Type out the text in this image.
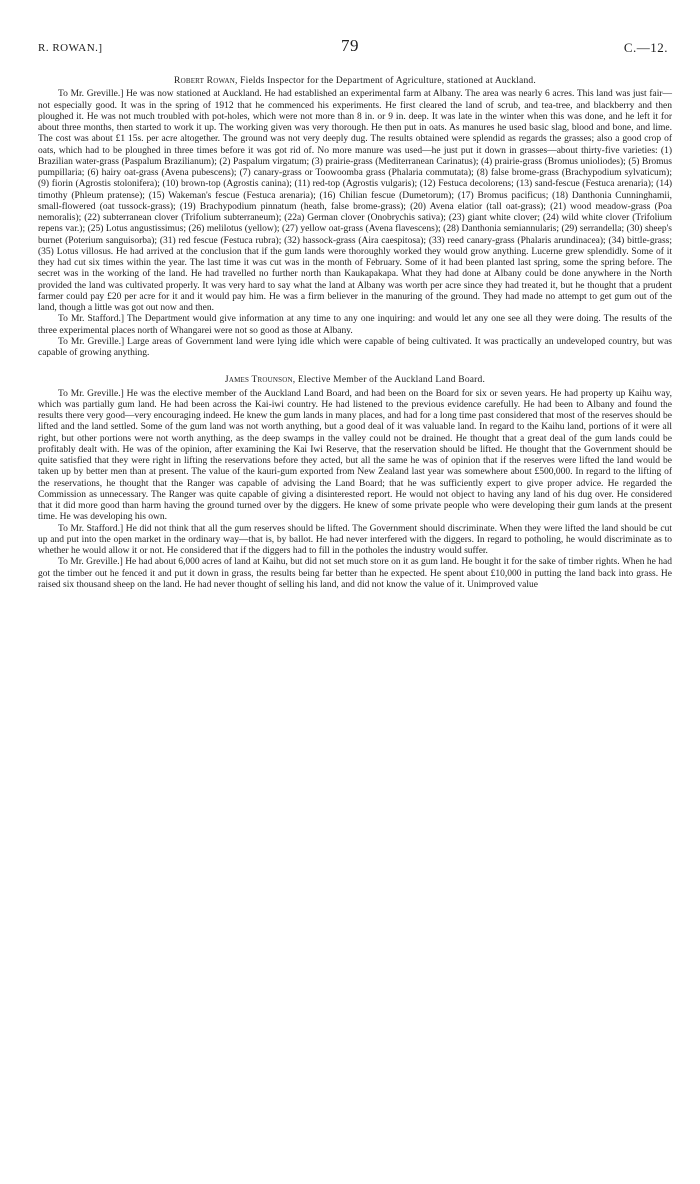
R. ROWAN.]	79	C.—12.
Robert Rowan, Fields Inspector for the Department of Agriculture, stationed at Auckland.

To Mr. Greville.] He was now stationed at Auckland. He had established an experimental farm at Albany. The area was nearly 6 acres. This land was just fair—not especially good. It was in the spring of 1912 that he commenced his experiments. He first cleared the land of scrub, and tea-tree, and blackberry and then ploughed it. He was not much troubled with pot-holes, which were not more than 8 in. or 9 in. deep. It was late in the winter when this was done, and he left it for about three months, then started to work it up. The working given was very thorough. He then put in oats. As manures he used basic slag, blood and bone, and lime. The cost was about £1 15s. per acre altogether. The ground was not very deeply dug. The results obtained were splendid as regards the grasses; also a good crop of oats, which had to be ploughed in three times before it was got rid of. No more manure was used—he just put it down in grasses—about thirty-five varieties: (1) Brazilian water-grass (Paspalum Brazilianum); (2) Paspalum virgatum; (3) prairie-grass (Mediterranean Carinatus); (4) prairie-grass (Bromus unioliodes); (5) Bromus pumpillaria; (6) hairy oat-grass (Avena pubescens); (7) canary-grass or Toowoomba grass (Phalaria commutata); (8) false brome-grass (Brachypodium sylvaticum); (9) fiorin (Agrostis stolonifera); (10) brown-top (Agrostis canina); (11) red-top (Agrostis vulgaris); (12) Festuca decolorens; (13) sand-fescue (Festuca arenaria); (14) timothy (Phleum pratense); (15) Wakeman's fescue (Festuca arenaria); (16) Chilian fescue (Dumetorum); (17) Bromus pacificus; (18) Danthonia Cunninghamii, small-flowered (oat tussock-grass); (19) Brachypodium pinnatum (heath, false brome-grass); (20) Avena elatior (tall oat-grass); (21) wood meadow-grass (Poa nemoralis); (22) subterranean clover (Trifolium subterraneum); (22a) German clover (Onobrychis sativa); (23) giant white clover; (24) wild white clover (Trifolium repens var.); (25) Lotus angustissimus; (26) melilotus (yellow); (27) yellow oat-grass (Avena flavescens); (28) Danthonia semiannularis; (29) serrandella; (30) sheep's burnet (Poterium sanguisorba); (31) red fescue (Festuca rubra); (32) hassock-grass (Aira caespitosa); (33) reed canary-grass (Phalaris arundinacea); (34) bittle-grass; (35) Lotus villosus. He had arrived at the conclusion that if the gum lands were thoroughly worked they would grow anything. Lucerne grew splendidly. Some of it they had cut six times within the year. The last time it was cut was in the month of February. Some of it had been planted last spring, some the spring before. The secret was in the working of the land. He had travelled no further north than Kaukapakapa. What they had done at Albany could be done anywhere in the North provided the land was cultivated properly. It was very hard to say what the land at Albany was worth per acre since they had treated it, but he thought that a prudent farmer could pay £20 per acre for it and it would pay him. He was a firm believer in the manuring of the ground. They had made no attempt to get gum out of the land, though a little was got out now and then.

To Mr. Stafford.] The Department would give information at any time to any one inquiring: and would let any one see all they were doing. The results of the three experimental places north of Whangarei were not so good as those at Albany.

To Mr. Greville.] Large areas of Government land were lying idle which were capable of being cultivated. It was practically an undeveloped country, but was capable of growing anything.

James Trounson, Elective Member of the Auckland Land Board.

To Mr. Greville.] He was the elective member of the Auckland Land Board, and had been on the Board for six or seven years. He had property up Kaihu way, which was partially gum land. He had been across the Kai-iwi country. He had listened to the previous evidence carefully. He had been to Albany and found the results there very good—very encouraging indeed. He knew the gum lands in many places, and had for a long time past considered that most of the reserves should be lifted and the land settled. Some of the gum land was not worth anything, but a good deal of it was valuable land. In regard to the Kaihu land, portions of it were all right, but other portions were not worth anything, as the deep swamps in the valley could not be drained. He thought that a great deal of the gum lands could be profitably dealt with. He was of the opinion, after examining the Kai Iwi Reserve, that the reservation should be lifted. He thought that the Government should be quite satisfied that they were right in lifting the reservations before they acted, but all the same he was of opinion that if the reserves were lifted the land would be taken up by better men than at present. The value of the kauri-gum exported from New Zealand last year was somewhere about £500,000. In regard to the lifting of the reservations, he thought that the Ranger was capable of advising the Land Board; that he was sufficiently expert to give proper advice. He regarded the Commission as unnecessary. The Ranger was quite capable of giving a disinterested report. He would not object to having any land of his dug over. He considered that it did more good than harm having the ground turned over by the diggers. He knew of some private people who were developing their gum lands at the present time. He was developing his own.

To Mr. Stafford.] He did not think that all the gum reserves should be lifted. The Government should discriminate. When they were lifted the land should be cut up and put into the open market in the ordinary way—that is, by ballot. He had never interfered with the diggers. In regard to potholing, he would discriminate as to whether he would allow it or not. He considered that if the diggers had to fill in the potholes the industry would suffer.

To Mr. Greville.] He had about 6,000 acres of land at Kaihu, but did not set much store on it as gum land. He bought it for the sake of timber rights. When he had got the timber out he fenced it and put it down in grass, the results being far better than he expected. He spent about £10,000 in putting the land back into grass. He raised six thousand sheep on the land. He had never thought of selling his land, and did not know the value of it. Unimproved value
